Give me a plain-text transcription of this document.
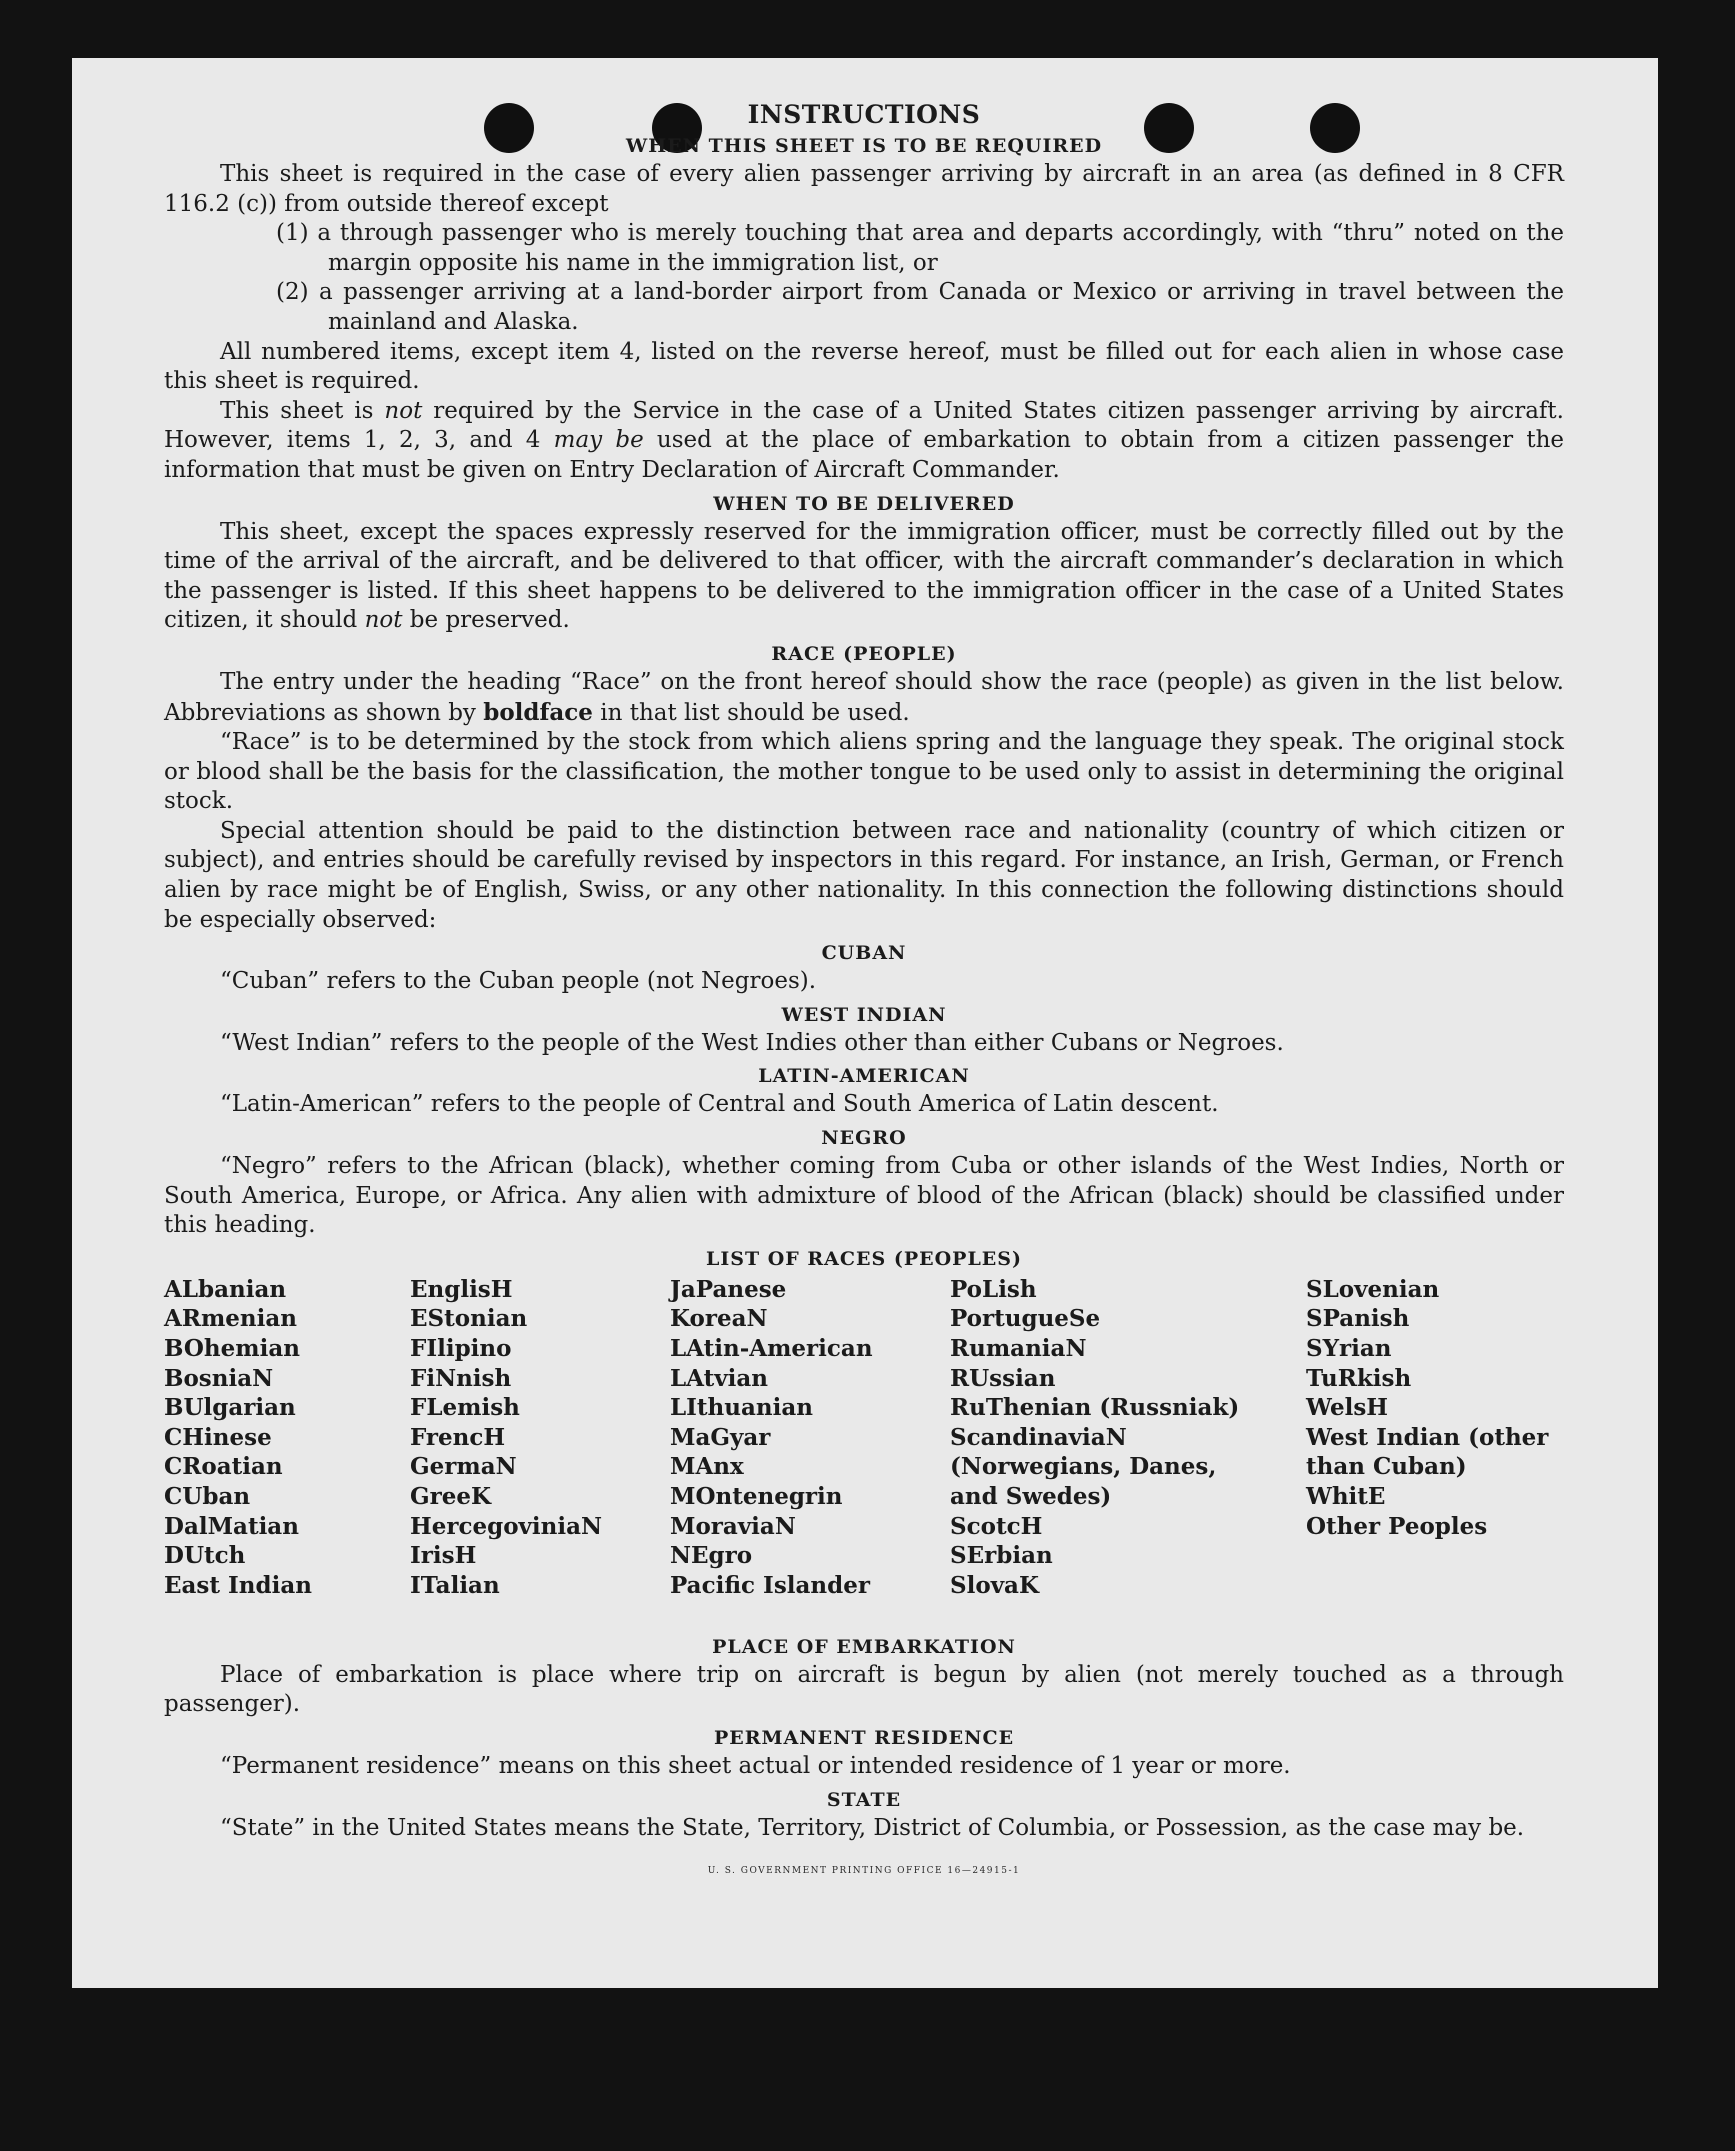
INSTRUCTIONS
WHEN THIS SHEET IS TO BE REQUIRED

This sheet is required in the case of every alien passenger arriving by aircraft in an area (as defined in 8 CFR 116.2 (c)) from outside thereof except

(1) a through passenger who is merely touching that area and departs accordingly, with “thru” noted on the margin opposite his name in the immigration list, or

(2) a passenger arriving at a land-border airport from Canada or Mexico or arriving in travel between the mainland and Alaska.

All numbered items, except item 4, listed on the reverse hereof, must be filled out for each alien in whose case this sheet is required.

This sheet is not required by the Service in the case of a United States citizen passenger arriving by aircraft. However, items 1, 2, 3, and 4 may be used at the place of embarkation to obtain from a citizen passenger the information that must be given on Entry Declaration of Aircraft Commander.

WHEN TO BE DELIVERED

This sheet, except the spaces expressly reserved for the immigration officer, must be correctly filled out by the time of the arrival of the aircraft, and be delivered to that officer, with the aircraft commander’s declaration in which the passenger is listed. If this sheet happens to be delivered to the immigration officer in the case of a United States citizen, it should not be preserved.

RACE (PEOPLE)

The entry under the heading “Race” on the front hereof should show the race (people) as given in the list below. Abbreviations as shown by boldface in that list should be used.

“Race” is to be determined by the stock from which aliens spring and the language they speak. The original stock or blood shall be the basis for the classification, the mother tongue to be used only to assist in determining the original stock.

Special attention should be paid to the distinction between race and nationality (country of which citizen or subject), and entries should be carefully revised by inspectors in this regard. For instance, an Irish, German, or French alien by race might be of English, Swiss, or any other nationality. In this connection the following distinctions should be especially observed:

CUBAN

“Cuban” refers to the Cuban people (not Negroes).

WEST INDIAN

“West Indian” refers to the people of the West Indies other than either Cubans or Negroes.

LATIN-AMERICAN

“Latin-American” refers to the people of Central and South America of Latin descent.

NEGRO

“Negro” refers to the African (black), whether coming from Cuba or other islands of the West Indies, North or South America, Europe, or Africa. Any alien with admixture of blood of the African (black) should be classified under this heading.

LIST OF RACES (PEOPLES)
ALbanian
ARmenian
BOhemian
BosniaN
BUlgarian
CHinese
CRoatian
CUban
DalMatian
DUtch
East Indian
EnglisH
EStonian
FIlipino
FiNnish
FLemish
FrencH
GermaN
GreeK
HercegoviniaN
IrisH
ITalian
JaPanese
KoreaN
LAtin-American
LAtvian
LIthuanian
MaGyar
MAnx
MOntenegrin
MoraviaN
NEgro
Pacific Islander
PoLish
PortugueSe
RumaniaN
RUssian
RuThenian (Russniak)
ScandinaviaN (Norwegians, Danes, and Swedes)
ScotcH
SErbian
SlovaK
SLovenian
SPanish
SYrian
TuRkish
WelsH
West Indian (other than Cuban)
WhitE
Other Peoples
PLACE OF EMBARKATION

Place of embarkation is place where trip on aircraft is begun by alien (not merely touched as a through passenger).

PERMANENT RESIDENCE

“Permanent residence” means on this sheet actual or intended residence of 1 year or more.

STATE

“State” in the United States means the State, Territory, District of Columbia, or Possession, as the case may be.

U. S. GOVERNMENT PRINTING OFFICE 16—24915-1
